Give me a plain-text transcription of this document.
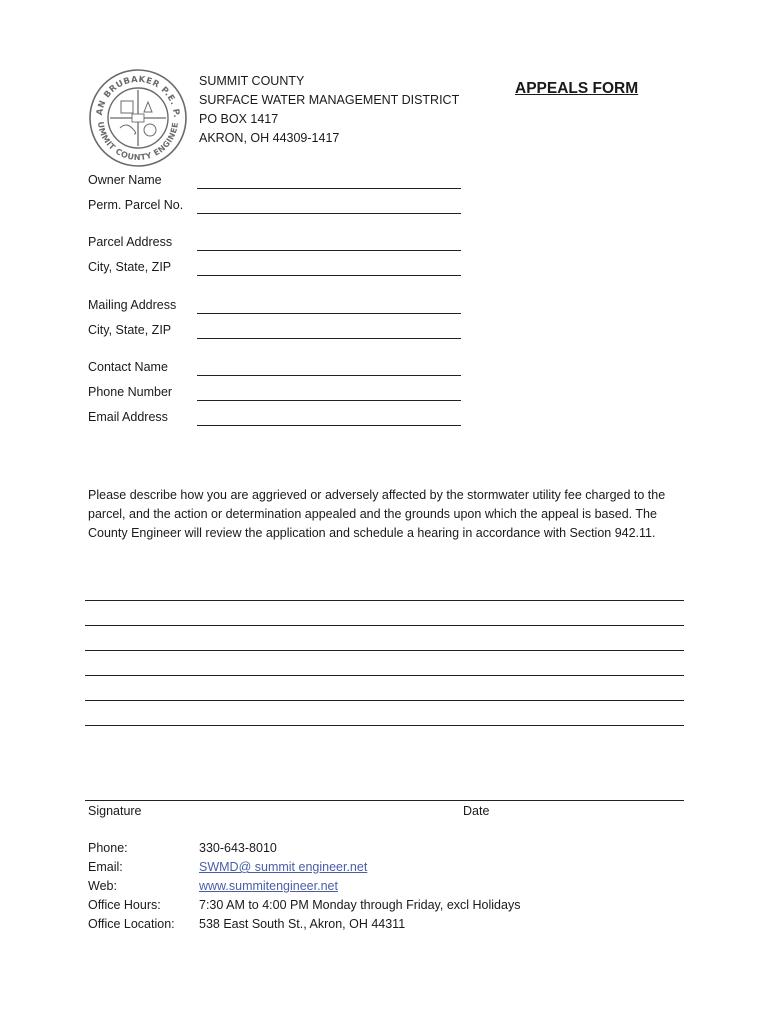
AN BRUBAKER P.E. P.
UMMIT COUNTY ENGINEE
SUMMIT COUNTY
SURFACE WATER MANAGEMENT DISTRICT
PO BOX 1417
AKRON, OH 44309-1417
APPEALS FORM
Owner Name
Perm. Parcel No.
Parcel Address
City, State, ZIP
Mailing Address
City, State, ZIP
Contact Name
Phone Number
Email Address
Please describe how you are aggrieved or adversely affected by the stormwater utility fee charged to the parcel, and the action or determination appealed and the grounds upon which the appeal is based. The County Engineer will review the application and schedule a hearing in accordance with Section 942.11.
Signature	Date
Phone:	330-643-8010
Email:	SWMD@ summit engineer.net
Web:	www.summitengineer.net
Office Hours:	7:30 AM to 4:00 PM Monday through Friday, excl Holidays
Office Location: 538 East South St., Akron, OH 44311
